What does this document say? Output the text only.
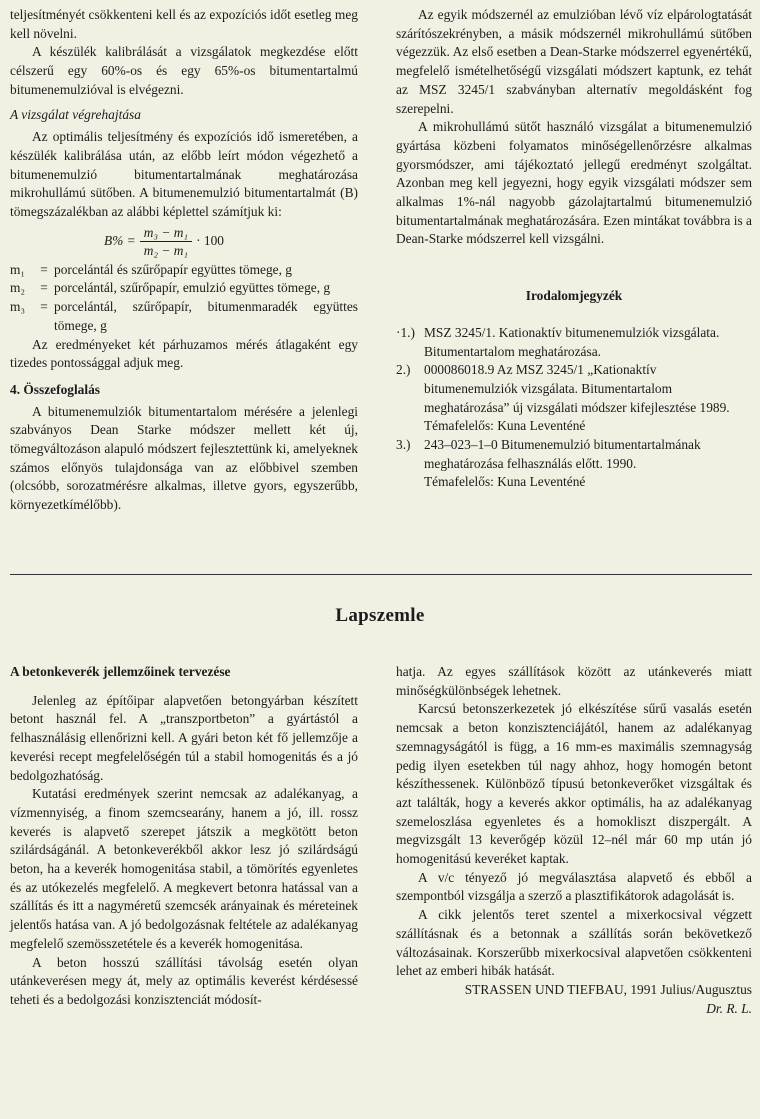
teljesítményét csökkenteni kell és az expozíciós időt esetleg meg kell növelni.

A készülék kalibrálását a vizsgálatok megkezdése előtt célszerű egy 60%-os és egy 65%-os bitumentartalmú bitumenemulzióval is elvégezni.

A vizsgálat végrehajtása

Az optimális teljesítmény és expozíciós idő ismeretében, a készülék kalibrálása után, az előbb leírt módon végezhető a bitumenemulzió bitumentartalmának meghatározása mikrohullámú sütőben. A bitumenemulzió bitumentartalmát (B) tömegszázalékban az alábbi képlettel számítjuk ki:

$B\% = \frac{\text{m₃ − m₁}}{\text{m₂ − m₁}} \cdot 100$
m₁	= porcelántál és szűrőpapír együttes tömege, g
m₂	= porcelántál, szűrőpapír, emulzió együttes tömege, g
m₃	= porcelántál, szűrőpapír, bitumenmaradék együttes tömege, g

Az eredményeket két párhuzamos mérés átlagaként egy tizedes pontossággal adjuk meg.

4. Összefoglalás

A bitumenemulziók bitumentartalom mérésére a jelenlegi szabványos Dean Starke módszer mellett két új, tömegváltozáson alapuló módszert fejlesztettünk ki, amelyeknek számos előnyös tulajdonsága van az előbbivel szemben (olcsóbb, sorozatmérésre alkalmas, illetve gyors, egyszerűbb, környezetkímélőbb).

Az egyik módszernél az emulzióban lévő víz elpárologtatását szárítószekrényben, a másik módszernél mikrohullámú sütőben végezzük. Az első esetben a Dean-Starke módszerrel egyenértékű, megfelelő ismételhetőségű vizsgálati módszert kaptunk, ez tehát az MSZ 3245/1 szabványban alternatív megoldásként fog szerepelni.

A mikrohullámú sütőt használó vizsgálat a bitumenemulzió gyártása közbeni folyamatos minőségellenőrzésre alkalmas gyorsmódszer, ami tájékoztató jellegű eredményt szolgáltat. Azonban meg kell jegyezni, hogy egyik vizsgálati módszer sem alkalmas 1%-nál nagyobb gázolajtartalmú bitumenemulzió bitumentartalmának meghatározására. Ezen mintákat továbbra is a Dean-Starke módszerrel kell vizsgálni.

Irodalomjegyzék

·1.) MSZ 3245/1. Kationaktív bitumenemulziók vizsgálata.
Bitumentartalom meghatározása.
2.)	000086018.9 Az MSZ 3245/1 „Kationaktív bitumenemulziók vizsgálata. Bitumentartalom meghatározása” új vizsgálati módszer kifejlesztése 1989.
Témafelelős: Kuna Leventéné
3.)	243–023–1–0 Bitumenemulzió bitumentartalmának meghatározása felhasználás előtt. 1990.
Témafelelős: Kuna Leventéné
Lapszemle

A betonkeverék jellemzőinek tervezése

Jelenleg az építőipar alapvetően betongyárban készített betont használ fel. A „transzportbeton” a gyártástól a felhasználásig ellenőrizni kell. A gyári beton két fő jellemzője a keverési recept megfelelőségén túl a stabil homogenitás és a jó bedolgozhatóság.

Kutatási eredmények szerint nemcsak az adalékanyag, a vízmennyiség, a finom szemcsearány, hanem a jó, ill. rossz keverés is alapvető szerepet játszik a megkötött beton szilárdságánál. A betonkeverékből akkor lesz jó szilárdságú beton, ha a keverék homogenitása stabil, a tömörítés egyenletes és az utókezelés megfelelő. A megkevert betonra hatással van a szállítás és itt a nagyméretű szemcsék arányainak és méreteinek jelentős hatása van. A jó bedolgozásnak feltétele az adalékanyag megfelelő szemösszetétele és a keverék homogenitása.

A beton hosszú szállítási távolság esetén olyan utánkeverésen megy át, mely az optimális keverést kérdésessé teheti és a bedolgozási konzisztenciát módosít-

hatja. Az egyes szállítások között az utánkeverés miatt minőségkülönbségek lehetnek.

Karcsú betonszerkezetek jó elkészítése sűrű vasalás esetén nemcsak a beton konzisztenciájától, hanem az adalékanyag szemnagyságától is függ, a 16 mm-es maximális szemnagyság pedig ilyen esetekben túl nagy ahhoz, hogy homogén betont készíthessenek. Különböző típusú betonkeverőket vizsgáltak és azt találták, hogy a keverés akkor optimális, ha az adalékanyag szemeloszlása egyenletes és a homokliszt diszpergált. A megvizsgált 13 keverőgép közül 12–nél már 60 mp után jó homogenitású keveréket kaptak.

A v/c tényező jó megválasztása alapvető és ebből a szempontból vizsgálja a szerző a plasztifikátorok adagolását is.

A cikk jelentős teret szentel a mixerkocsival végzett szállításnak és a betonnak a szállítás során bekövetkező változásainak. Korszerűbb mixerkocsival alapvetően csökkenteni lehet az emberi hibák hatását.

STRASSEN UND TIEFBAU, 1991 Julius/Augusztus

Dr. R. L.
